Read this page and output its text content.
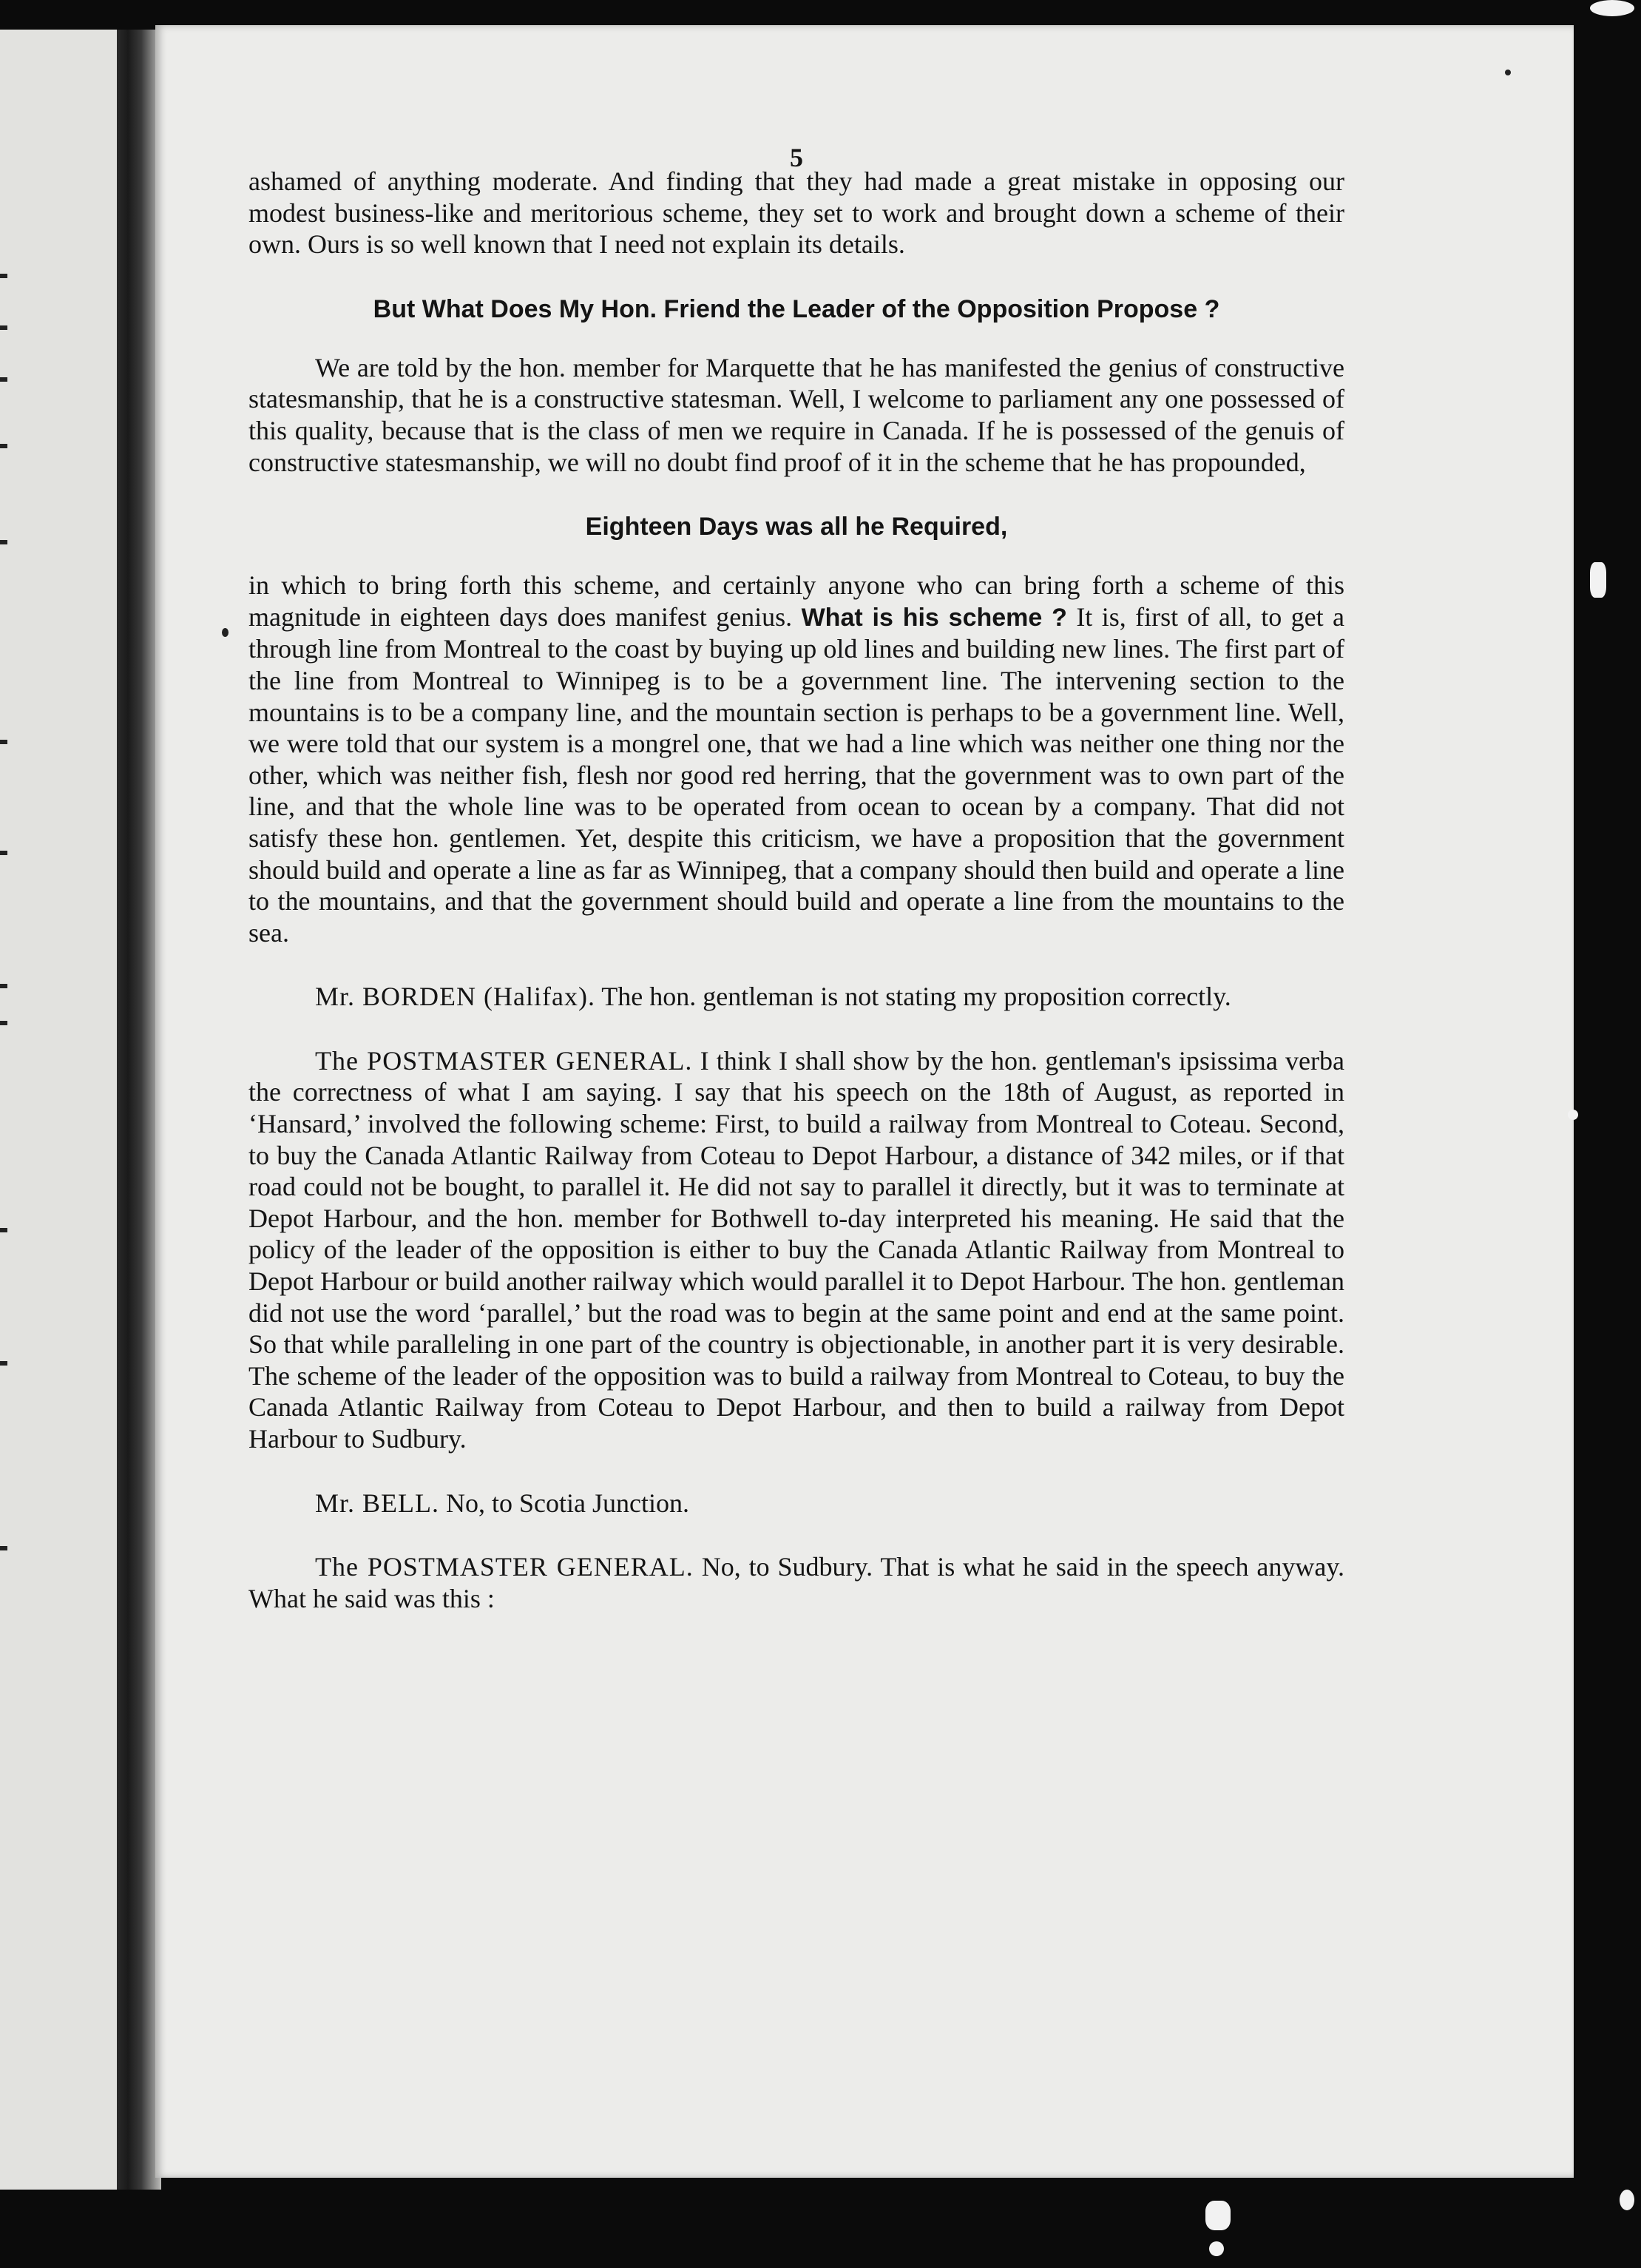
5

ashamed of anything moderate. And finding that they had made a great mistake in opposing our modest business-like and meritorious scheme, they set to work and brought down a scheme of their own. Ours is so well known that I need not explain its details.

But What Does My Hon. Friend the Leader of the Opposition Propose ?

We are told by the hon. member for Marquette that he has manifested the genius of constructive statesmanship, that he is a constructive statesman. Well, I welcome to parliament any one possessed of this quality, because that is the class of men we require in Canada. If he is possessed of the genuis of constructive statesmanship, we will no doubt find proof of it in the scheme that he has propounded,

Eighteen Days was all he Required,

in which to bring forth this scheme, and certainly anyone who can bring forth a scheme of this magnitude in eighteen days does manifest genius. What is his scheme ? It is, first of all, to get a through line from Montreal to the coast by buying up old lines and building new lines. The first part of the line from Montreal to Winnipeg is to be a government line. The intervening section to the mountains is to be a company line, and the mountain section is perhaps to be a government line. Well, we were told that our system is a mongrel one, that we had a line which was neither one thing nor the other, which was neither fish, flesh nor good red herring, that the government was to own part of the line, and that the whole line was to be operated from ocean to ocean by a company. That did not satisfy these hon. gentlemen. Yet, despite this criticism, we have a proposition that the government should build and operate a line as far as Winnipeg, that a company should then build and operate a line to the mountains, and that the government should build and operate a line from the mountains to the sea.

Mr. BORDEN (Halifax). The hon. gentleman is not stating my proposition correctly.

The POSTMASTER GENERAL. I think I shall show by the hon. gentleman's ipsissima verba the correctness of what I am saying. I say that his speech on the 18th of August, as reported in ‘Hansard,’ involved the following scheme: First, to build a railway from Montreal to Coteau. Second, to buy the Canada Atlantic Railway from Coteau to Depot Harbour, a distance of 342 miles, or if that road could not be bought, to parallel it. He did not say to parallel it directly, but it was to terminate at Depot Harbour, and the hon. member for Bothwell to-day interpreted his meaning. He said that the policy of the leader of the opposition is either to buy the Canada Atlantic Railway from Montreal to Depot Harbour or build another railway which would parallel it to Depot Harbour. The hon. gentleman did not use the word ‘parallel,’ but the road was to begin at the same point and end at the same point. So that while paralleling in one part of the country is objectionable, in another part it is very desirable. The scheme of the leader of the opposition was to build a railway from Montreal to Coteau, to buy the Canada Atlantic Railway from Coteau to Depot Harbour, and then to build a railway from Depot Harbour to Sudbury.

Mr. BELL. No, to Scotia Junction.

The POSTMASTER GENERAL. No, to Sudbury. That is what he said in the speech anyway. What he said was this :
